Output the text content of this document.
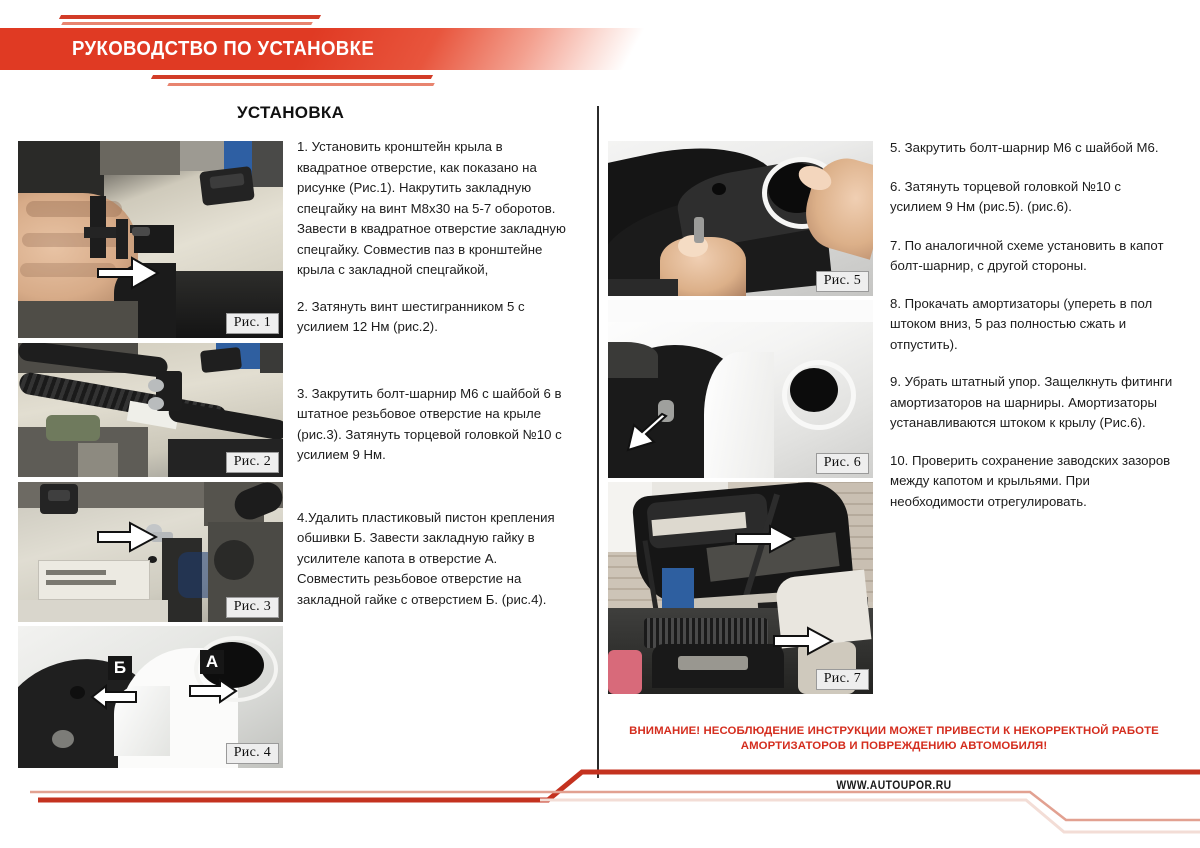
РУКОВОДСТВО ПО УСТАНОВКЕ
УСТАНОВКА
Рис. 1
Рис. 2
Рис. 3
Б	А
Рис. 4
Рис. 5
Рис. 6
Рис. 7

1. Установить кронштейн крыла в квадратное отверстие, как показано на рисунке (Рис.1). Накрутить закладную спецгайку на винт М8х30 на 5-7 оборотов. Завести в квадратное отверстие закладную спецгайку. Совместив паз в кронштейне крыла с закладной спецгайкой,

2. Затянуть винт шестигранником 5 с усилием 12 Нм (рис.2).

3. Закрутить болт-шарнир М6 с шайбой 6 в штатное резьбовое отверстие на крыле (рис.3). Затянуть торцевой головкой №10 с усилием 9 Нм.

4.Удалить пластиковый пистон крепления обшивки Б. Завести закладную гайку в усилителе капота в отверстие А. Совместить резьбовое отверстие на закладной гайке с отверстием Б. (рис.4).

5. Закрутить болт-шарнир М6 с шайбой М6.

6. Затянуть торцевой головкой №10 с усилием 9 Нм (рис.5). (рис.6).

7. По аналогичной схеме установить в капот болт-шарнир, с другой стороны.

8. Прокачать амортизаторы (упереть в пол штоком вниз, 5 раз полностью сжать и отпустить).

9. Убрать штатный упор. Защелкнуть фитинги амортизаторов на шарниры. Амортизаторы устанавливаются штоком к крылу (Рис.6).

10. Проверить сохранение заводских зазоров между капотом и крыльями. При необходимости отрегулировать.

ВНИМАНИЕ! НЕСОБЛЮДЕНИЕ ИНСТРУКЦИИ МОЖЕТ ПРИВЕСТИ К НЕКОРРЕКТНОЙ РАБОТЕ АМОРТИЗАТОРОВ И ПОВРЕЖДЕНИЮ АВТОМОБИЛЯ!
WWW.AUTOUPOR.RU
